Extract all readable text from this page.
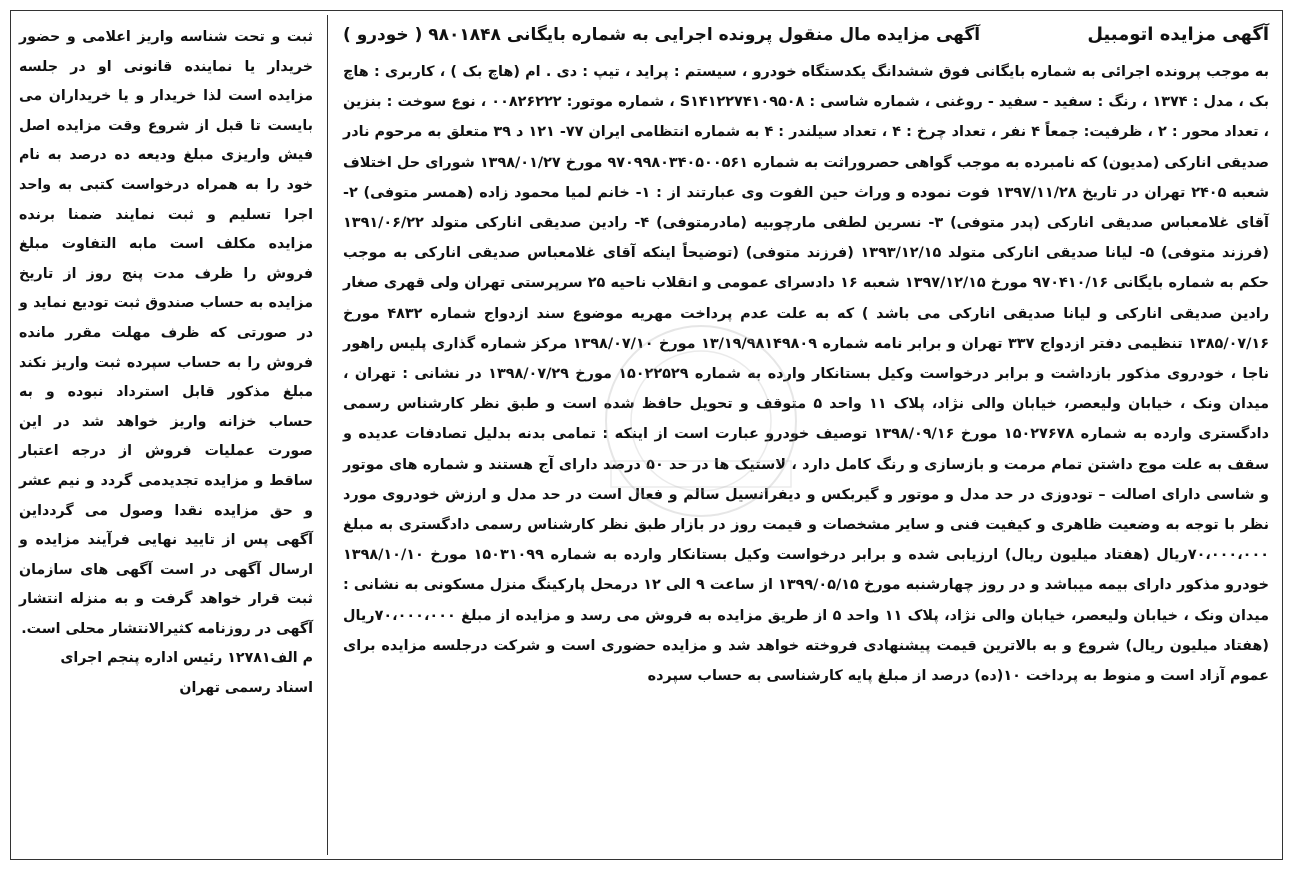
آگهی مزایده اتومبیل
آگهی مزایده مال منقول پرونده اجرایی به شماره بایگانی ۹۸۰۱۸۴۸ ( خودرو )
به موجب پرونده اجرائی به شماره بایگانی فوق ششدانگ یکدستگاه خودرو ، سیستم : پراید ، تیپ : دی . ام (هاچ بک ) ، کاربری : هاچ بک ، مدل : ۱۳۷۴ ، رنگ : سفید - سفید - روغنی ، شماره شاسی : S۱۴۱۲۲۷۴۱۰۹۵۰۸ ، شماره موتور: ۰۰۸۲۶۲۲۲ ، نوع سوخت : بنزین ، تعداد محور : ۲ ، ظرفیت: جمعاً ۴ نفر ، تعداد چرخ : ۴ ، تعداد سیلندر : ۴ به شماره انتظامی ایران ۷۷- ۱۲۱ د ۳۹ متعلق به مرحوم نادر صدیقی اناركی (مدیون) که نامبرده به موجب گواهی حصروراثت به شماره ۹۷۰۹۹۸۰۳۴۰۵۰۰۵۶۱ مورخ ۱۳۹۸/۰۱/۲۷ شورای حل اختلاف شعبه ۲۴۰۵ تهران در تاریخ ۱۳۹۷/۱۱/۲۸ فوت نموده و وراث حین الفوت وی عبارتند از : ۱- خانم لمیا محمود زاده (همسر متوفی) ۲-آقای غلامعباس صدیقی اناركی (پدر متوفی) ۳- نسرین لطفی مارچوبیه (مادرمتوفی) ۴- رادین صدیقی اناركی متولد ۱۳۹۱/۰۶/۲۲ (فرزند متوفی) ۵- لیانا صدیقی اناركی متولد ۱۳۹۳/۱۲/۱۵ (فرزند متوفی) (توضیحاً اینکه آقای غلامعباس صدیقی اناركی به موجب حکم به شماره بایگانی ۹۷۰۴۱۰/۱۶ مورخ ۱۳۹۷/۱۲/۱۵ شعبه ۱۶ دادسرای عمومی و انقلاب ناحیه ۲۵ سرپرستی تهران ولی قهری صغار رادین صدیقی اناركی و لیانا صدیقی اناركی می باشد ) که به علت عدم پرداخت مهریه موضوع سند ازدواج شماره ۴۸۳۲ مورخ ۱۳۸۵/۰۷/۱۶ تنظیمی دفتر ازدواج ۳۳۷ تهران و برابر نامه شماره ۱۳/۱۹/۹۸۱۴۹۸۰۹ مورخ ۱۳۹۸/۰۷/۱۰ مرکز شماره گذاری پلیس راهور ناجا ، خودروی مذکور بازداشت و برابر درخواست وکیل بستانکار وارده به شماره ۱۵۰۲۲۵۲۹ مورخ ۱۳۹۸/۰۷/۲۹ در نشانی : تهران ، میدان ونک ، خیابان ولیعصر، خیابان والی نژاد، پلاک ۱۱ واحد ۵ متوقف و تحویل حافظ شده است و طبق نظر کارشناس رسمی دادگستری وارده به شماره ۱۵۰۲۷۶۷۸ مورخ ۱۳۹۸/۰۹/۱۶ توصیف خودرو عبارت است از اینکه : تمامی بدنه بدلیل تصادفات عدیده و سقف به علت موج داشتن تمام مرمت و بازسازی و رنگ کامل دارد ، لاستیک ها در حد ۵۰ درصد دارای آج هستند و شماره های موتور و شاسی دارای اصالت – تودوزی در حد مدل و موتور و گیربکس و دیفرانسیل سالم و فعال است در حد مدل و ارزش خودروی مورد نظر با توجه به وضعیت ظاهری و کیفیت فنی و سایر مشخصات و قیمت روز در بازار طبق نظر کارشناس رسمی دادگستری به مبلغ ۷۰،۰۰۰،۰۰۰ریال (هفتاد میلیون ریال) ارزیابی شده و برابر درخواست وکیل بستانکار وارده به شماره ۱۵۰۳۱۰۹۹ مورخ ۱۳۹۸/۱۰/۱۰ خودرو مذکور دارای بیمه میباشد و در روز چهارشنبه مورخ ۱۳۹۹/۰۵/۱۵ از ساعت ۹ الی ۱۲ درمحل پارکینگ منزل مسکونی به نشانی : میدان ونک ، خیابان ولیعصر، خیابان والی نژاد، پلاک ۱۱ واحد ۵ از طریق مزایده به فروش می رسد و مزایده از مبلغ ۷۰،۰۰۰،۰۰۰ریال (هفتاد میلیون ریال) شروع و به بالاترین قیمت پیشنهادی فروخته خواهد شد و مزایده حضوری است و شرکت درجلسه مزایده برای عموم آزاد است و منوط به پرداخت ۱۰(ده) درصد از مبلغ پایه کارشناسی به حساب سپرده
ثبت و تحت شناسه واریز اعلامی و حضور خریدار یا نماینده قانونی او در جلسه مزایده است لذا خریدار و یا خریداران می بایست تا قبل از شروع وقت مزایده اصل فیش واریزی مبلغ ودیعه ده درصد به نام خود را به همراه درخواست کتبی به واحد اجرا تسلیم و ثبت نمایند ضمنا برنده مزایده مکلف است مابه التفاوت مبلغ فروش را ظرف مدت پنج روز از تاریخ مزایده به حساب صندوق ثبت تودیع نماید و در صورتی که ظرف مهلت مقرر مانده فروش را به حساب سپرده ثبت واریز نکند مبلغ مذکور قابل استرداد نبوده و به حساب خزانه واریز خواهد شد در این صورت عملیات فروش از درجه اعتبار ساقط و مزایده تجدیدمی گردد و نیم عشر و حق مزایده نقدا وصول می گردداین آگهی پس از تایید نهایی فرآیند مزایده و ارسال آگهی در است آگهی های سازمان ثبت قرار خواهد گرفت و به منزله انتشار آگهی در روزنامه کثیرالانتشار محلی است.
م الف۱۲۷۸۱ رئیس اداره پنجم اجرای اسناد رسمی تهران
